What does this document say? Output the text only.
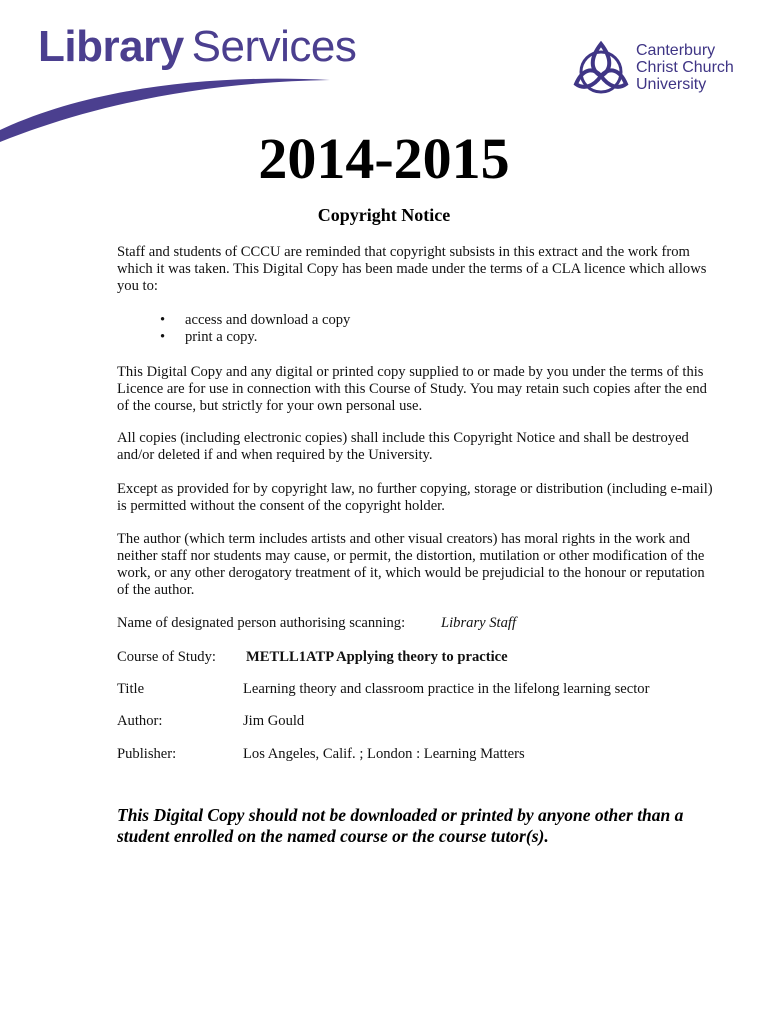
Library Services	Canterbury
Christ Church
University
2014-2015
Copyright Notice
Staff and students of CCCU are reminded that copyright subsists in this extract and the work from which it was taken. This Digital Copy has been made under the terms of a CLA licence which allows you to:
• access and download a copy
• print a copy.
This Digital Copy and any digital or printed copy supplied to or made by you under the terms of this Licence are for use in connection with this Course of Study. You may retain such copies after the end of the course, but strictly for your own personal use.
All copies (including electronic copies) shall include this Copyright Notice and shall be destroyed and/or deleted if and when required by the University.
Except as provided for by copyright law, no further copying, storage or distribution (including e-mail) is permitted without the consent of the copyright holder.
The author (which term includes artists and other visual creators) has moral rights in the work and neither staff nor students may cause, or permit, the distortion, mutilation or other modification of the work, or any other derogatory treatment of it, which would be prejudicial to the honour or reputation of the author.
Name of designated person authorising scanning: Library Staff
Course of Study: METLL1ATP Applying theory to practice
Title	Learning theory and classroom practice in the lifelong learning sector
Author:	Jim Gould
Publisher:	Los Angeles, Calif. ; London : Learning Matters
This Digital Copy should not be downloaded or printed by anyone other than a student enrolled on the named course or the course tutor(s).
